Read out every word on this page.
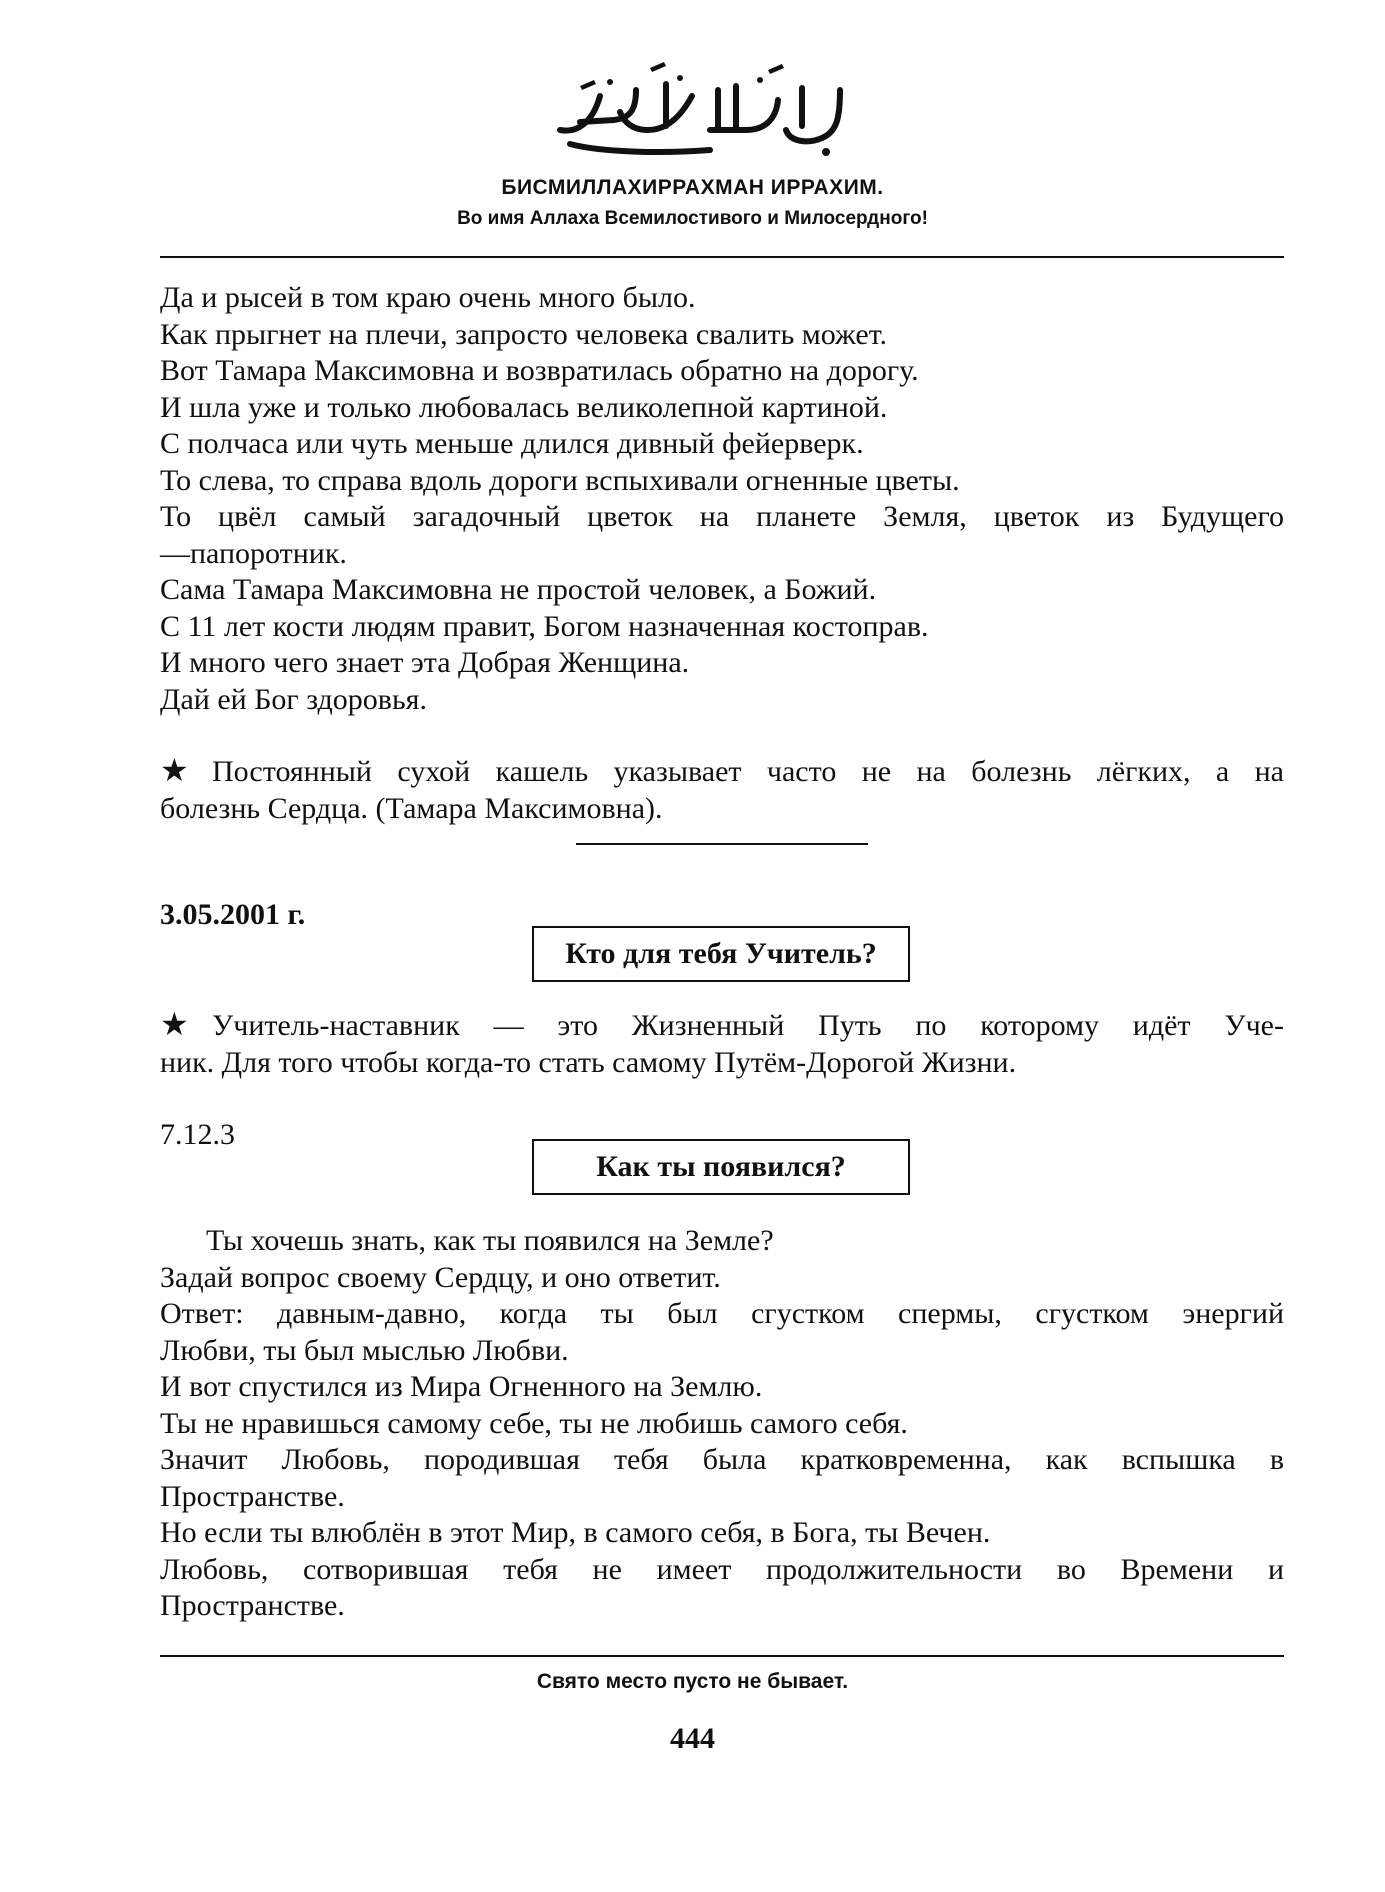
БИСМИЛЛАХИРРАХМАН ИРРАХИМ.
Во имя Аллаха Всемилостивого и Милосердного!
Да и рысей в том краю очень много было.
Как прыгнет на плечи, запросто человека свалить может.
Вот Тамара Максимовна и возвратилась обратно на дорогу.
И шла уже и только любовалась великолепной картиной.
С полчаса или чуть меньше длился дивный фейерверк.
То слева, то справа вдоль дороги вспыхивали огненные цветы.
То цвёл самый загадочный цветок на планете Земля, цветок из Будущего
—папоротник.
Сама Тамара Максимовна не простой человек, а Божий.
С 11 лет кости людям правит, Богом назначенная костоправ.
И много чего знает эта Добрая Женщина.
Дай ей Бог здоровья.
★ Постоянный сухой кашель указывает часто не на болезнь лёгких, а на
болезнь Сердца. (Тамара Максимовна).
3.05.2001 г.
Кто для тебя Учитель?
★ Учитель-наставник — это Жизненный Путь по которому идёт Уче-
ник. Для того чтобы когда-то стать самому Путём-Дорогой Жизни.
7.12.3
Как ты появился?
Ты хочешь знать, как ты появился на Земле?
Задай вопрос своему Сердцу, и оно ответит.
Ответ: давным-давно, когда ты был сгустком спермы, сгустком энергий
Любви, ты был мыслью Любви.
И вот спустился из Мира Огненного на Землю.
Ты не нравишься самому себе, ты не любишь самого себя.
Значит Любовь, породившая тебя была кратковременна, как вспышка в
Пространстве.
Но если ты влюблён в этот Мир, в самого себя, в Бога, ты Вечен.
Любовь, сотворившая тебя не имеет продолжительности во Времени и
Пространстве.
Свято место пусто не бывает.
444
